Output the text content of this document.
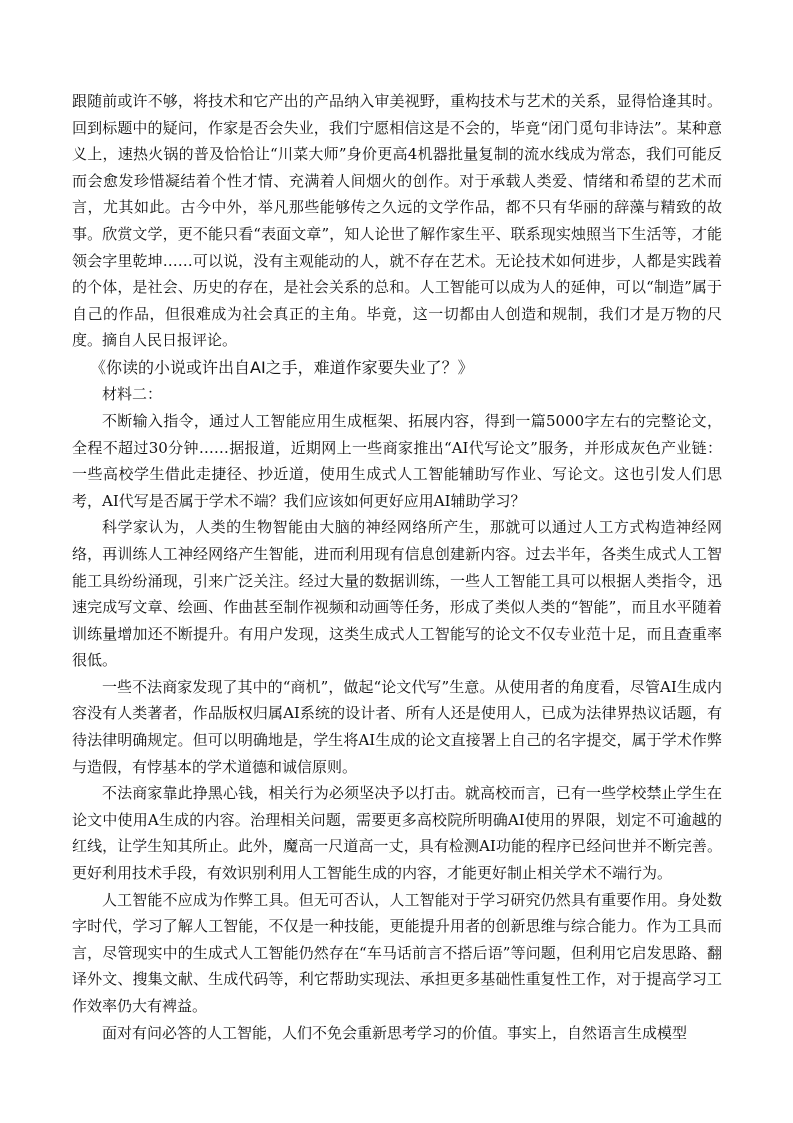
跟随前或许不够，将技术和它产出的产品纳入审美视野，重构技术与艺术的关系，显得恰逢其时。回到标题中的疑问，作家是否会失业，我们宁愿相信这是不会的，毕竟“闭门觅句非诗法”。某种意义上，速热火锅的普及恰恰让“川菜大师”身价更高4机器批量复制的流水线成为常态，我们可能反而会愈发珍惜凝结着个性才情、充满着人间烟火的创作。对于承载人类爱、情绪和希望的艺术而言，尤其如此。古今中外，举凡那些能够传之久远的文学作品，都不只有华丽的辞藻与精致的故事。欣赏文学，更不能只看“表面文章”，知人论世了解作家生平、联系现实烛照当下生活等，才能领会字里乾坤……可以说，没有主观能动的人，就不存在艺术。无论技术如何进步，人都是实践着的个体，是社会、历史的存在，是社会关系的总和。人工智能可以成为人的延伸，可以“制造”属于自己的作品，但很难成为社会真正的主角。毕竟，这一切都由人创造和规制，我们才是万物的尺度。摘自人民日报评论。

《你读的小说或许出自AI之手，难道作家要失业了？》

材料二：

不断输入指令，通过人工智能应用生成框架、拓展内容，得到一篇5000字左右的完整论文，全程不超过30分钟……据报道，近期网上一些商家推出“AI代写论文”服务，并形成灰色产业链：一些高校学生借此走捷径、抄近道，使用生成式人工智能辅助写作业、写论文。这也引发人们思考，AI代写是否属于学术不端？我们应该如何更好应用AI辅助学习？

科学家认为，人类的生物智能由大脑的神经网络所产生，那就可以通过人工方式构造神经网络，再训练人工神经网络产生智能，进而利用现有信息创建新内容。过去半年，各类生成式人工智能工具纷纷涌现，引来广泛关注。经过大量的数据训练，一些人工智能工具可以根据人类指令，迅速完成写文章、绘画、作曲甚至制作视频和动画等任务，形成了类似人类的“智能”，而且水平随着训练量增加还不断提升。有用户发现，这类生成式人工智能写的论文不仅专业范十足，而且查重率很低。

一些不法商家发现了其中的“商机”，做起“论文代写”生意。从使用者的角度看，尽管AI生成内容没有人类著者，作品版权归属AI系统的设计者、所有人还是使用人，已成为法律界热议话题，有待法律明确规定。但可以明确地是，学生将AI生成的论文直接署上自己的名字提交，属于学术作弊与造假，有悖基本的学术道德和诚信原则。

不法商家靠此挣黑心钱，相关行为必须坚决予以打击。就高校而言，已有一些学校禁止学生在论文中使用A生成的内容。治理相关问题，需要更多高校院所明确AI使用的界限，划定不可逾越的红线，让学生知其所止。此外，魔高一尺道高一丈，具有检测AI功能的程序已经问世并不断完善。更好利用技术手段，有效识别利用人工智能生成的内容，才能更好制止相关学术不端行为。

人工智能不应成为作弊工具。但无可否认，人工智能对于学习研究仍然具有重要作用。身处数字时代，学习了解人工智能，不仅是一种技能，更能提升用者的创新思维与综合能力。作为工具而言，尽管现实中的生成式人工智能仍然存在“车马话前言不搭后语”等问题，但利用它启发思路、翻译外文、搜集文献、生成代码等，利它帮助实现法、承担更多基础性重复性工作，对于提高学习工作效率仍大有裨益。

面对有问必答的人工智能，人们不免会重新思考学习的价值。事实上，自然语言生成模型
